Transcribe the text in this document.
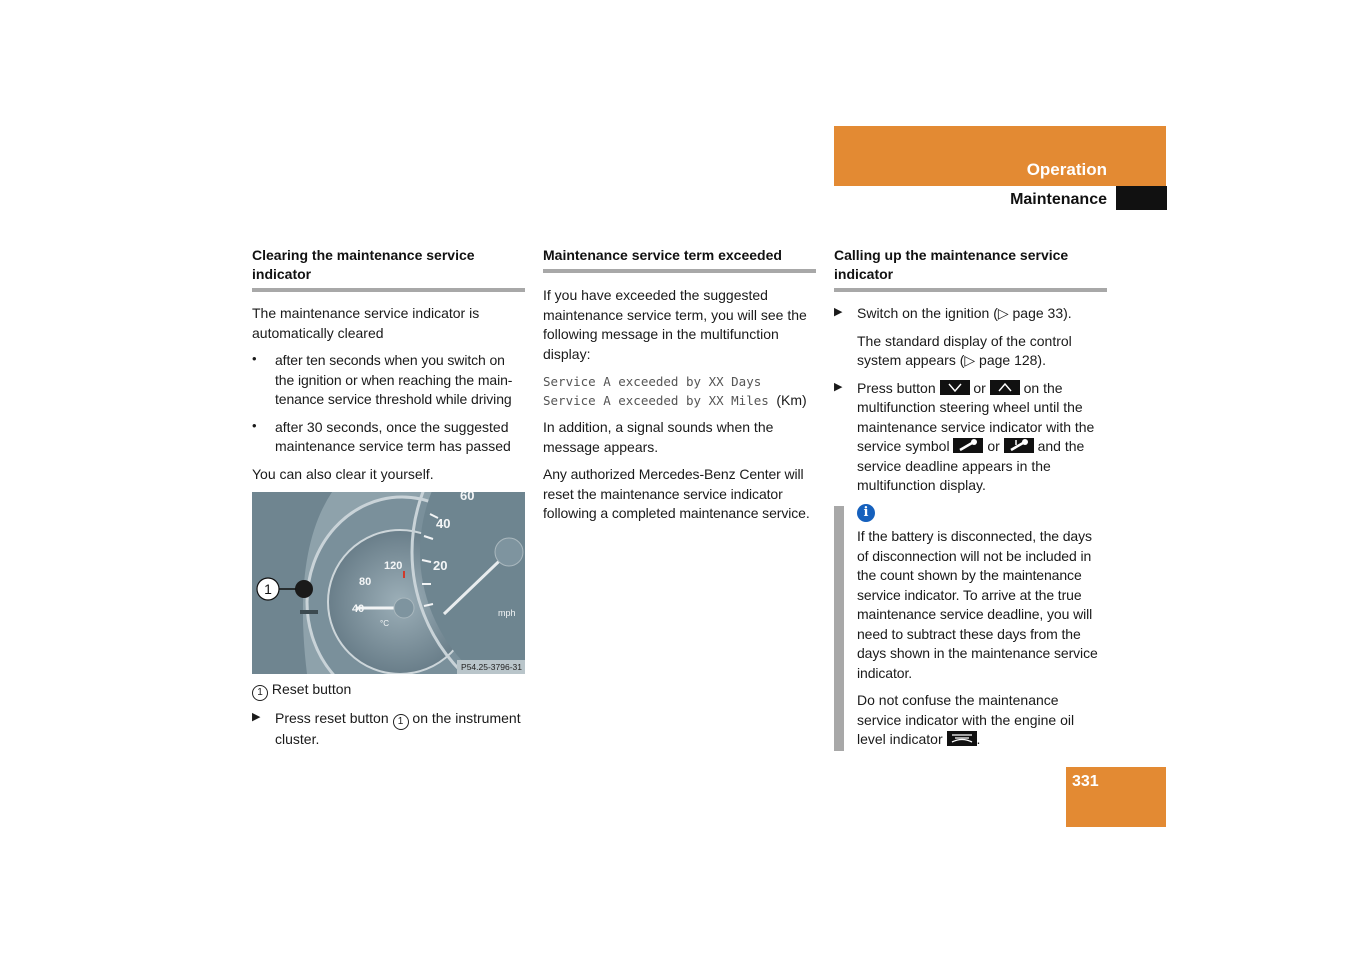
Operation
Maintenance
Clearing the maintenance service indicator

The maintenance service indicator is automatically cleared

• after ten seconds when you switch on the ignition or when reaching the main-tenance service threshold while driving

• after 30 seconds, once the suggested maintenance service term has passed

You can also clear it yourself.

1
60
40
20
120
80
40	mph
°C
P54.25-3796-31

1 Reset button

▶ Press reset button 1 on the instrument cluster.

Maintenance service term exceeded

If you have exceeded the suggested maintenance service term, you will see the following message in the multifunction display:

Service A exceeded by XX Days
Service A exceeded by XX Miles (Km)

In addition, a signal sounds when the message appears.

Any authorized Mercedes-Benz Center will reset the maintenance service indicator following a completed maintenance service.

Calling up the maintenance service indicator
▶ Switch on the ignition (▷ page 33).

The standard display of the control system appears (▷ page 128).

▶ Press button	or	on the multifunction steering wheel until the maintenance service indicator with the service symbol	or	and the service deadline appears in the multifunction display.

i

If the battery is disconnected, the days of disconnection will not be included in the count shown by the maintenance service indicator. To arrive at the true maintenance service deadline, you will need to subtract these days from the days shown in the maintenance service indicator.

Do not confuse the maintenance service indicator with the engine oil level indicator .

331
